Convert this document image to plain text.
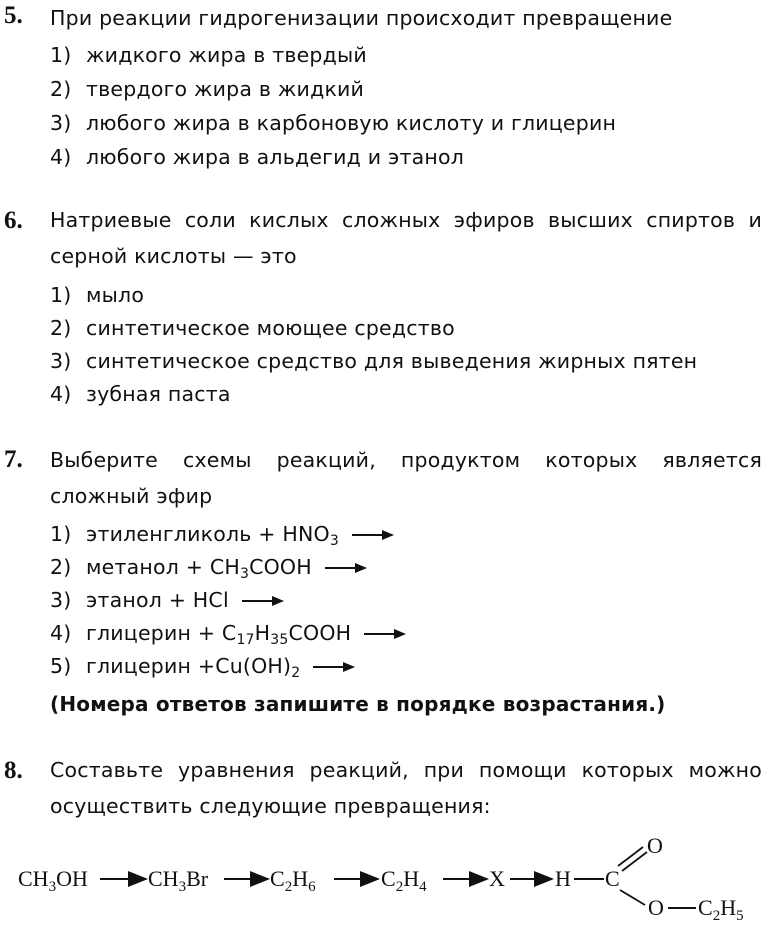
5. При реакции гидрогенизации происходит превращение
1) жидкого жира в твердый
2) твердого жира в жидкий
3) любого жира в карбоновую кислоту и глицерин
4) любого жира в альдегид и этанол
6. Натриевые соли кислых сложных эфиров высших спиртов и серной кислоты — это
1) мыло
2) синтетическое моющее средство
3) синтетическое средство для выведения жирных пятен
4) зубная паста
7. Выберите схемы реакций, продуктом которых является сложный эфир
1) этиленгликоль + $HNO_3$ →
2) метанол + $CH_3COOH$ →
3) этанол + HCl →
4) глицерин + $C_{17}H_{35}COOH$ →
5) глицерин $+Cu(OH)_2$ →
(Номера ответов запишите в порядке возрастания.)
8. Составьте уравнения реакций, при помощи которых можно осуществить следующие превращения:
$CH_3OH$	$CH_3Br$	$C_2H_6$	$C_2H_4$	X H C
O
O $C_2H_5$
